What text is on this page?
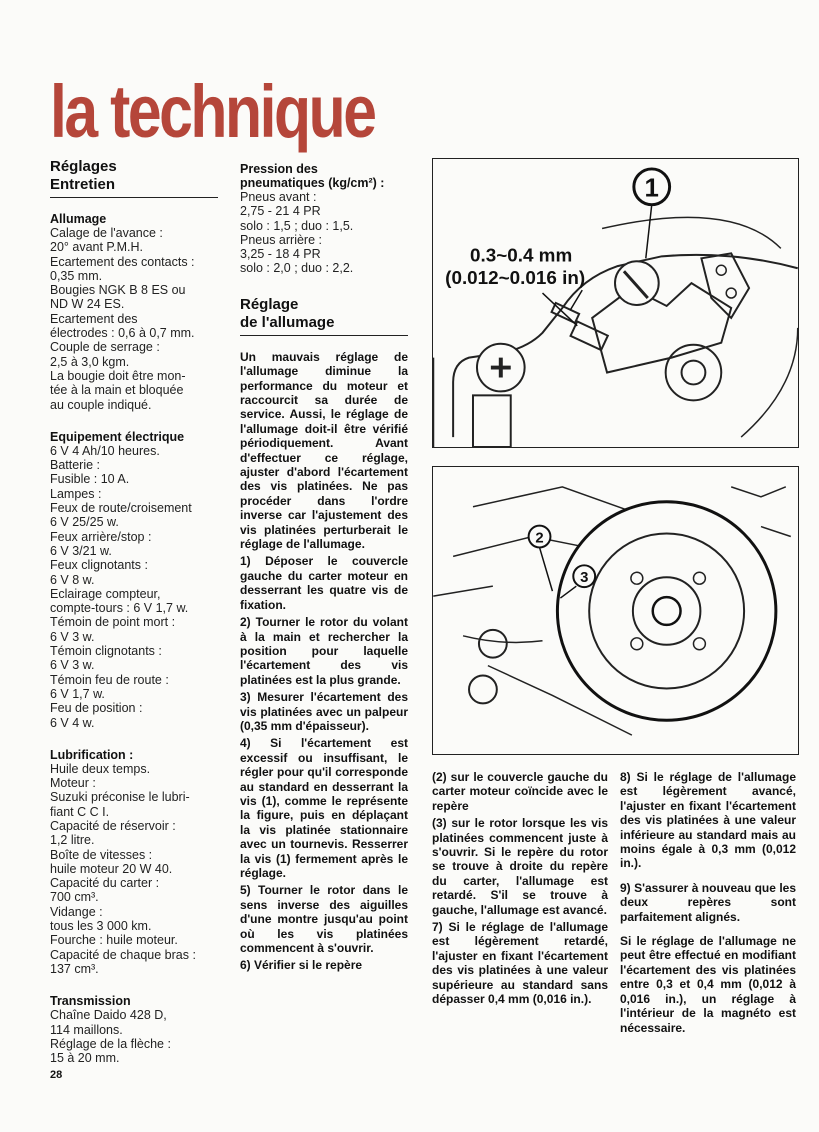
la technique
Réglages
Entretien
Allumage
Calage de l'avance :
20° avant P.M.H.
Ecartement des contacts :
0,35 mm.
Bougies NGK B 8 ES ou
ND W 24 ES.
Ecartement des
électrodes : 0,6 à 0,7 mm.
Couple de serrage :
2,5 à 3,0 kgm.
La bougie doit être mon-
tée à la main et bloquée
au couple indiqué.
Equipement électrique
6 V 4 Ah/10 heures.
Batterie :
Fusible : 10 A.
Lampes :
Feux de route/croisement
6 V 25/25 w.
Feux arrière/stop :
6 V 3/21 w.
Feux clignotants :
6 V 8 w.
Eclairage compteur,
compte-tours : 6 V 1,7 w.
Témoin de point mort :
6 V 3 w.
Témoin clignotants :
6 V 3 w.
Témoin feu de route :
6 V 1,7 w.
Feu de position :
6 V 4 w.
Lubrification :
Huile deux temps.
Moteur :
Suzuki préconise le lubri-
fiant C C I.
Capacité de réservoir :
1,2 litre.
Boîte de vitesses :
huile moteur 20 W 40.
Capacité du carter :
700 cm³.
Vidange :
tous les 3 000 km.
Fourche : huile moteur.
Capacité de chaque bras :
137 cm³.
Transmission
Chaîne Daido 428 D,
114 maillons.
Réglage de la flèche :
15 à 20 mm.
Pression des
pneumatiques (kg/cm²) :
Pneus avant :
2,75 - 21 4 PR
solo : 1,5 ; duo : 1,5.
Pneus arrière :
3,25 - 18 4 PR
solo : 2,0 ; duo : 2,2.
Réglage
de l'allumage

Un mauvais réglage de l'allumage diminue la performance du moteur et raccourcit sa durée de service. Aussi, le réglage de l'allumage doit-il être vérifié périodiquement. Avant d'effectuer ce réglage, ajuster d'abord l'écartement des vis platinées. Ne pas procéder dans l'ordre inverse car l'ajustement des vis platinées perturberait le réglage de l'allumage.

1) Déposer le couvercle gauche du carter moteur en desserrant les quatre vis de fixation.

2) Tourner le rotor du volant à la main et rechercher la position pour laquelle l'écartement des vis platinées est la plus grande.

3) Mesurer l'écartement des vis platinées avec un palpeur (0,35 mm d'épaisseur).

4) Si l'écartement est excessif ou insuffisant, le régler pour qu'il corresponde au standard en desserrant la vis (1), comme le représente la figure, puis en déplaçant la vis platinée stationnaire avec un tournevis. Resserrer la vis (1) fermement après le réglage.

5) Tourner le rotor dans le sens inverse des aiguilles d'une montre jusqu'au point où les vis platinées commencent à s'ouvrir.

6) Vérifier si le repère

1
0.3~0.4 mm
(0.012~0.016 in)
2
3

(2) sur le couvercle gauche du carter moteur coïncide avec le repère

(3) sur le rotor lorsque les vis platinées commencent juste à s'ouvrir. Si le repère du rotor se trouve à droite du repère du carter, l'allumage est retardé. S'il se trouve à gauche, l'allumage est avancé.

7) Si le réglage de l'allumage est légèrement retardé, l'ajuster en fixant l'écartement des vis platinées à une valeur supérieure au standard sans dépasser 0,4 mm (0,016 in.).

8) Si le réglage de l'allumage est légèrement avancé, l'ajuster en fixant l'écartement des vis platinées à une valeur inférieure au standard mais au moins égale à 0,3 mm (0,012 in.).

9) S'assurer à nouveau que les deux repères sont parfaitement alignés.

Si le réglage de l'allumage ne peut être effectué en modifiant l'écartement des vis platinées entre 0,3 et 0,4 mm (0,012 à 0,016 in.), un réglage à l'intérieur de la magnéto est nécessaire.

28
